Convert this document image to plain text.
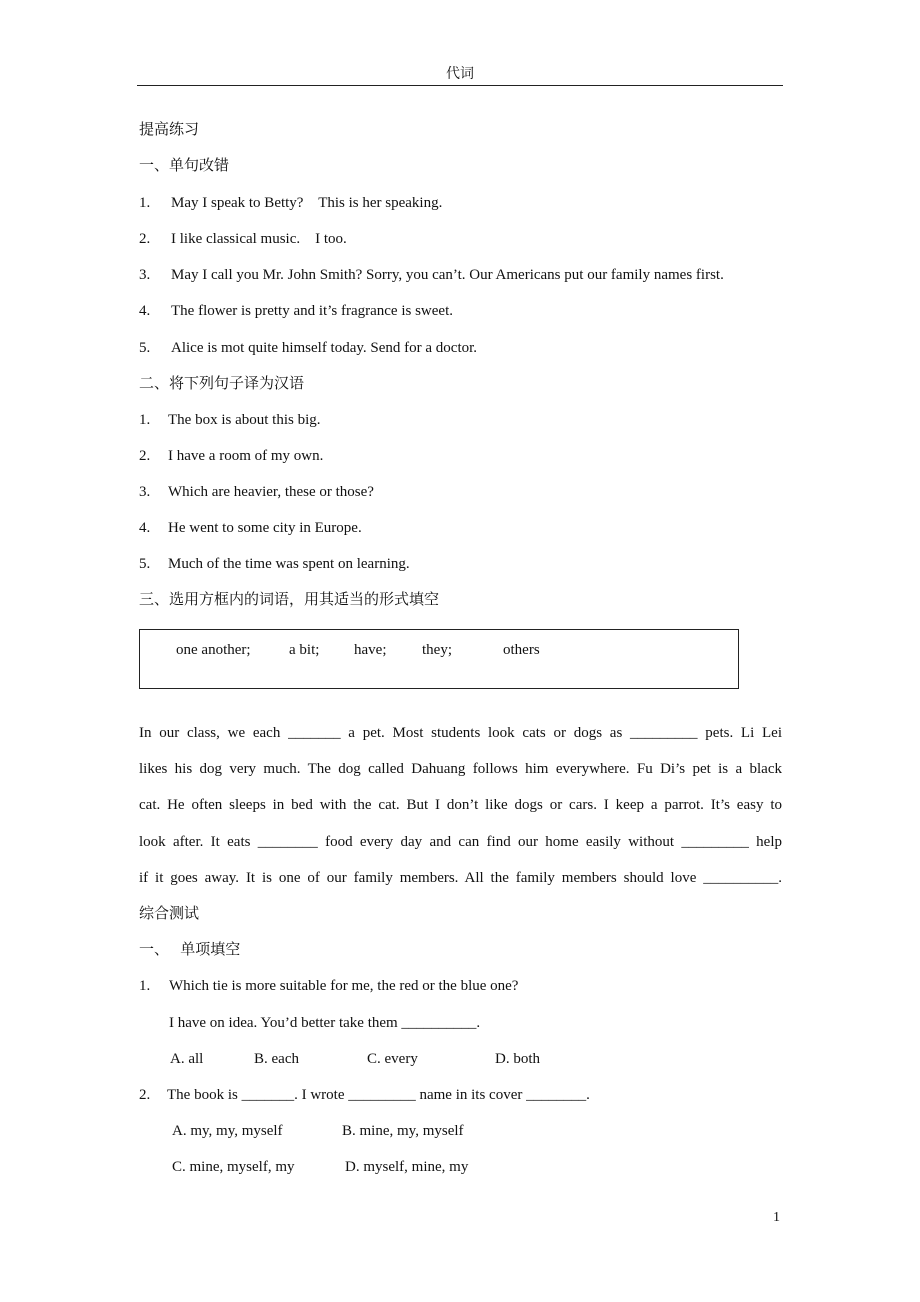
代词
提高练习
一、单句改错
1. May I speak to Betty?    This is her speaking.
2. I like classical music.    I too.
3. May I call you Mr. John Smith? Sorry, you can’t. Our Americans put our family names first.
4. The flower is pretty and it’s fragrance is sweet.
5. Alice is mot quite himself today. Send for a doctor.
二、将下列句子译为汉语
1. The box is about this big.
2. I have a room of my own.
3. Which are heavier, these or those?
4. He went to some city in Europe.
5. Much of the time was spent on learning.
三、选用方框内的词语，用其适当的形式填空
one another;	a bit; have; they;	others
In our class, we each _______ a pet. Most students look cats or dogs as _________ pets. Li Lei
likes his dog very much. The dog called Dahuang follows him everywhere. Fu Di’s pet is a black
cat. He often sleeps in bed with the cat. But I don’t like dogs or cars. I keep a parrot. It’s easy to
look after. It eats ________ food every day and can find our home easily without _________ help
if it goes away. It is one of our family members. All the family members should love __________.
综合测试
一、   单项填空
1. Which tie is more suitable for me, the red or the blue one?
I have on idea. You’d better take them __________.
A. all	B. each	C. every	D. both
2. The book is _______. I wrote _________ name in its cover ________.
A. my, my, myself	B. mine, my, myself
C. mine, myself, my	D. myself, mine, my
1
